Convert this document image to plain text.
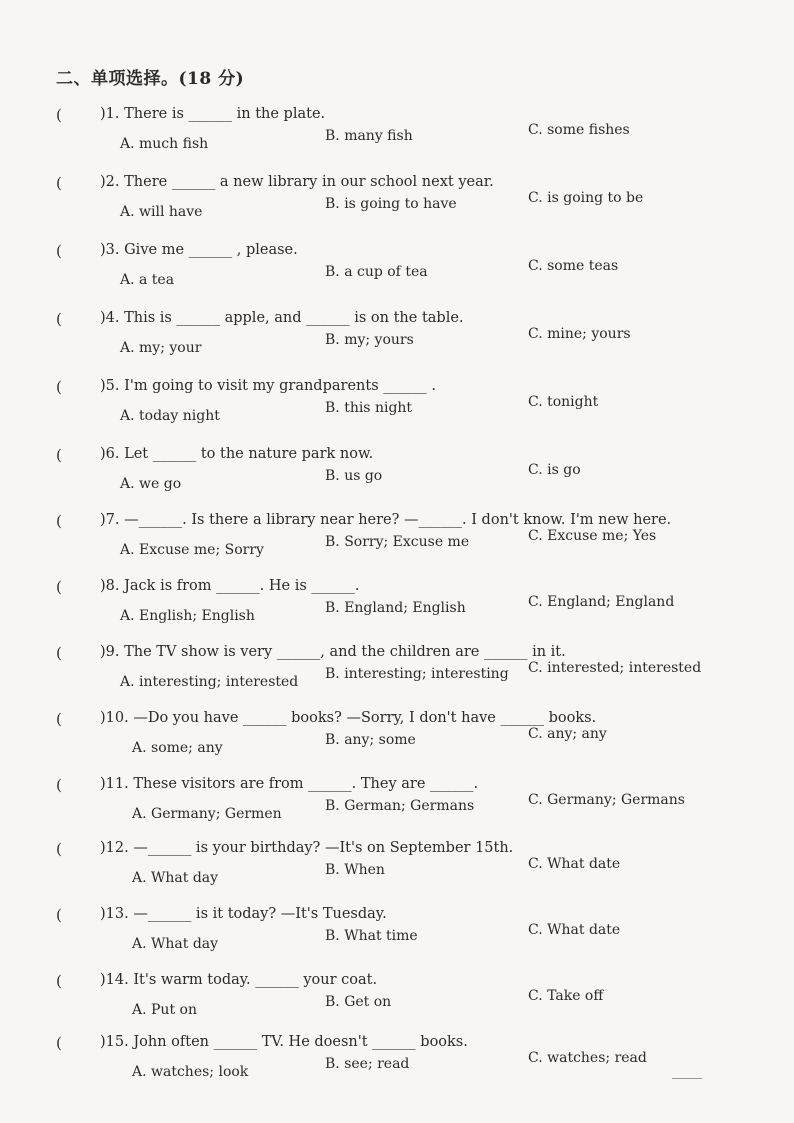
二、单项选择。(18 分)
(	)1. There is ______ in the plate.
A. much fish	B. many fish	C. some fishes
(	)2. There ______ a new library in our school next year.
A. will have	B. is going to have	C. is going to be
(	)3. Give me ______ , please.
A. a tea	B. a cup of tea	C. some teas
(	)4. This is ______ apple, and ______ is on the table.
A. my; your	B. my; yours	C. mine; yours
(	)5. I'm going to visit my grandparents ______ .
A. today night	B. this night	C. tonight
(	)6. Let ______ to the nature park now.
A. we go	B. us go	C. is go
(	)7. —______. Is there a library near here? —______. I don't know. I'm new here.
A. Excuse me; Sorry	B. Sorry; Excuse me	C. Excuse me; Yes
(	)8. Jack is from ______. He is ______.
A. English; English	B. England; English	C. England; England
(	)9. The TV show is very ______, and the children are ______ in it.
A. interesting; interested B. interesting; interesting C. interested; interested
(	)10. —Do you have ______ books? —Sorry, I don't have ______ books.
A. some; any	B. any; some	C. any; any
(	)11. These visitors are from ______. They are ______.
A. Germany; Germen	B. German; Germans	C. Germany; Germans
(	)12. —______ is your birthday? —It's on September 15th.
A. What day	B. When	C. What date
(	)13. —______ is it today? —It's Tuesday.
A. What day	B. What time	C. What date
(	)14. It's warm today. ______ your coat.
A. Put on	B. Get on	C. Take off
(	)15. John often ______ TV. He doesn't ______ books.
A. watches; look	B. see; read	C. watches; read
